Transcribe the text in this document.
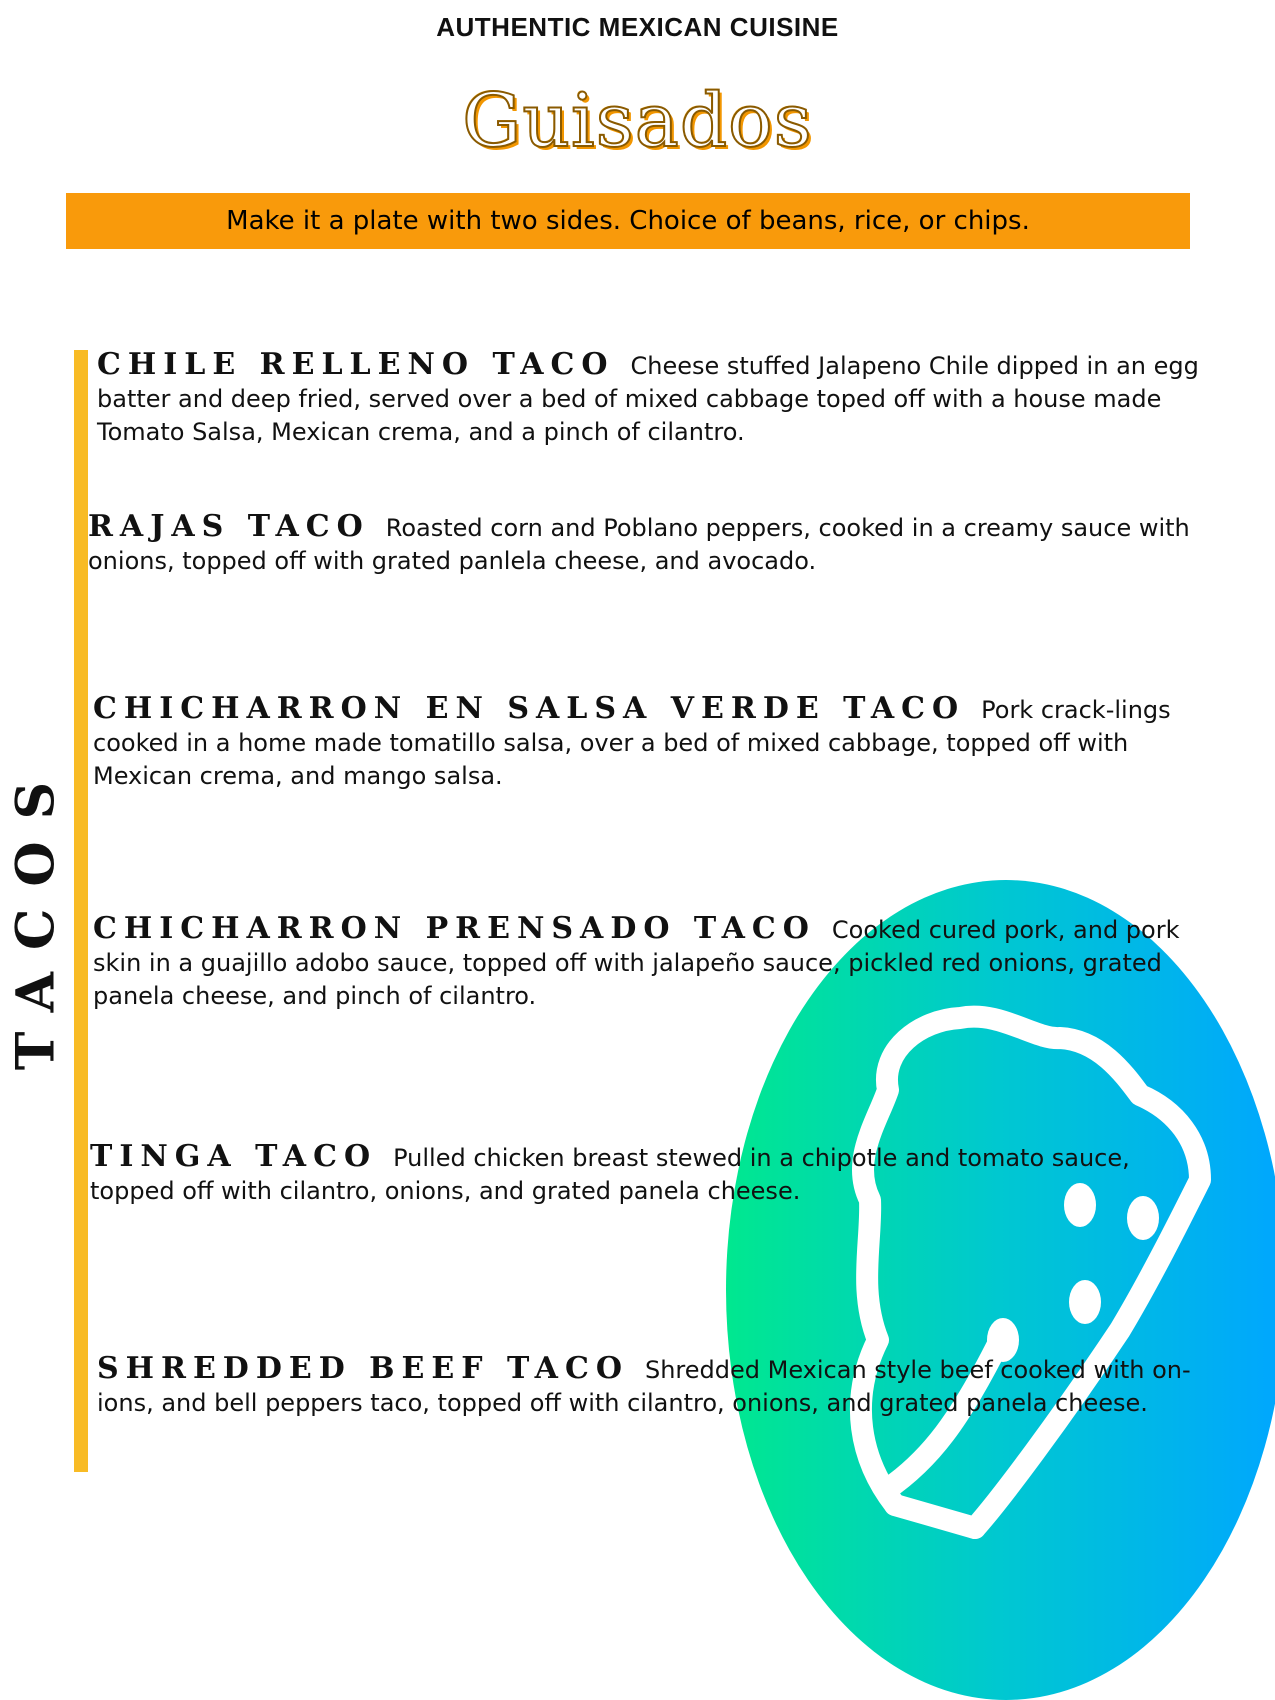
AUTHENTIC MEXICAN CUISINE
Guisados
Make it a plate with two sides. Choice of beans, rice, or chips.
TACOS
CHILE RELLENO TACO Cheese stuffed Jalapeno Chile dipped in an egg batter and deep fried, served over a bed of mixed cabbage toped off with a house made Tomato Salsa, Mexican crema, and a pinch of cilantro.
RAJAS TACO Roasted corn and Poblano peppers, cooked in a creamy sauce with onions, topped off with grated panlela cheese, and avocado.
CHICHARRON EN SALSA VERDE TACO Pork crack-lings cooked in a home made tomatillo salsa, over a bed of mixed cabbage, topped off with Mexican crema, and mango salsa.
CHICHARRON PRENSADO TACO Cooked cured pork, and pork skin in a guajillo adobo sauce, topped off with jalapeño sauce, pickled red onions, grated panela cheese, and pinch of cilantro.
TINGA TACO Pulled chicken breast stewed in a chipotle and tomato sauce, topped off with cilantro, onions, and grated panela cheese.
SHREDDED BEEF TACO Shredded Mexican style beef cooked with on-ions, and bell peppers taco, topped off with cilantro, onions, and grated panela cheese.
